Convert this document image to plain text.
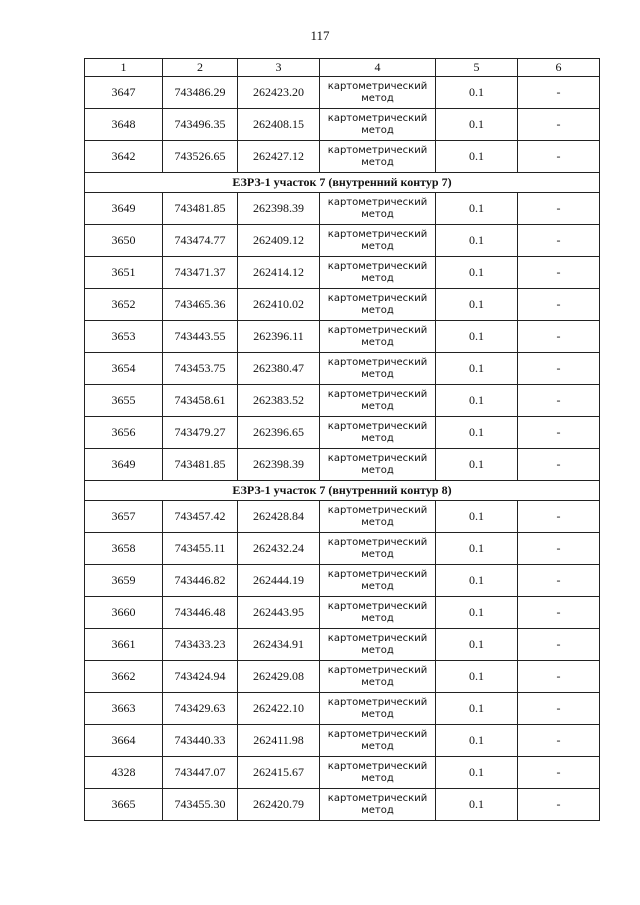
117
1	2	3	4	5	6
3647	743486.29	262423.20	картометрический метод	0.1	-
3648	743496.35	262408.15	картометрический метод	0.1	-
3642	743526.65	262427.12	картометрический метод	0.1	-
ЕЗРЗ-1 участок 7 (внутренний контур 7)					
3649	743481.85	262398.39	картометрический метод	0.1	-
3650	743474.77	262409.12	картометрический метод	0.1	-
3651	743471.37	262414.12	картометрический метод	0.1	-
3652	743465.36	262410.02	картометрический метод	0.1	-
3653	743443.55	262396.11	картометрический метод	0.1	-
3654	743453.75	262380.47	картометрический метод	0.1	-
3655	743458.61	262383.52	картометрический метод	0.1	-
3656	743479.27	262396.65	картометрический метод	0.1	-
3649	743481.85	262398.39	картометрический метод	0.1	-
ЕЗРЗ-1 участок 7 (внутренний контур 8)					
3657	743457.42	262428.84	картометрический метод	0.1	-
3658	743455.11	262432.24	картометрический метод	0.1	-
3659	743446.82	262444.19	картометрический метод	0.1	-
3660	743446.48	262443.95	картометрический метод	0.1	-
3661	743433.23	262434.91	картометрический метод	0.1	-
3662	743424.94	262429.08	картометрический метод	0.1	-
3663	743429.63	262422.10	картометрический метод	0.1	-
3664	743440.33	262411.98	картометрический метод	0.1	-
4328	743447.07	262415.67	картометрический метод	0.1	-
3665	743455.30	262420.79	картометрический метод	0.1	-
